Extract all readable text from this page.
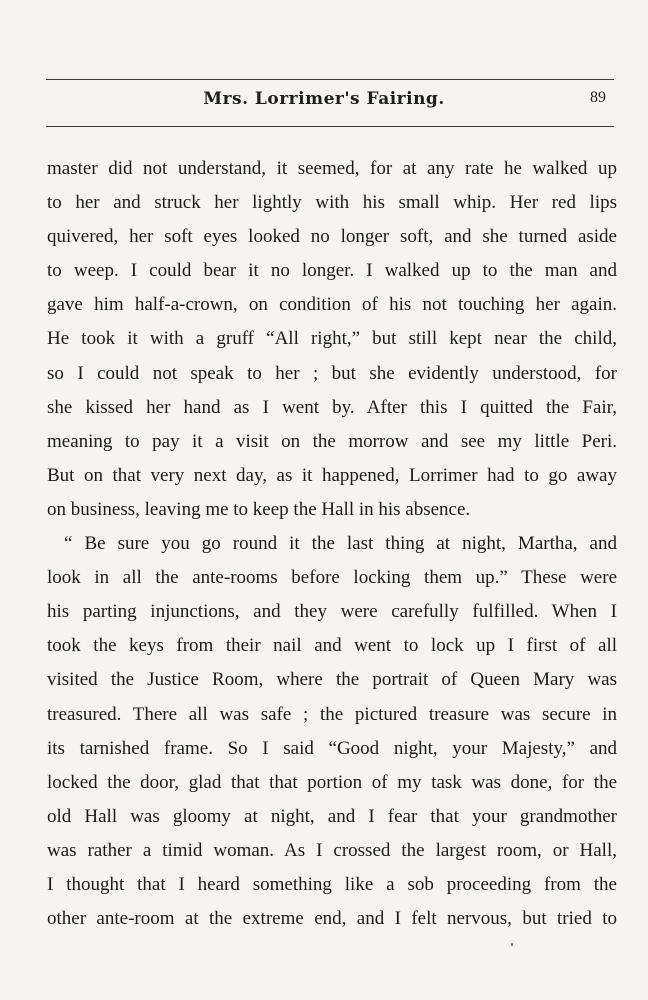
Mrs. Lorrimer's Fairing.	89
master did not understand, it seemed, for at any rate he walked up
to her and struck her lightly with his small whip. Her red lips
quivered, her soft eyes looked no longer soft, and she turned aside
to weep. I could bear it no longer. I walked up to the man and
gave him half-a-crown, on condition of his not touching her again.
He took it with a gruff “All right,” but still kept near the child,
so I could not speak to her ; but she evidently understood, for
she kissed her hand as I went by. After this I quitted the Fair,
meaning to pay it a visit on the morrow and see my little Peri.
But on that very next day, as it happened, Lorrimer had to go away
on business, leaving me to keep the Hall in his absence.
“ Be sure you go round it the last thing at night, Martha, and
look in all the ante-rooms before locking them up.” These were
his parting injunctions, and they were carefully fulfilled. When I
took the keys from their nail and went to lock up I first of all
visited the Justice Room, where the portrait of Queen Mary was
treasured. There all was safe ; the pictured treasure was secure in
its tarnished frame. So I said “Good night, your Majesty,” and
locked the door, glad that that portion of my task was done, for the
old Hall was gloomy at night, and I fear that your grandmother
was rather a timid woman. As I crossed the largest room, or Hall,
I thought that I heard something like a sob proceeding from the
other ante-room at the extreme end, and I felt nervous, but tried to
